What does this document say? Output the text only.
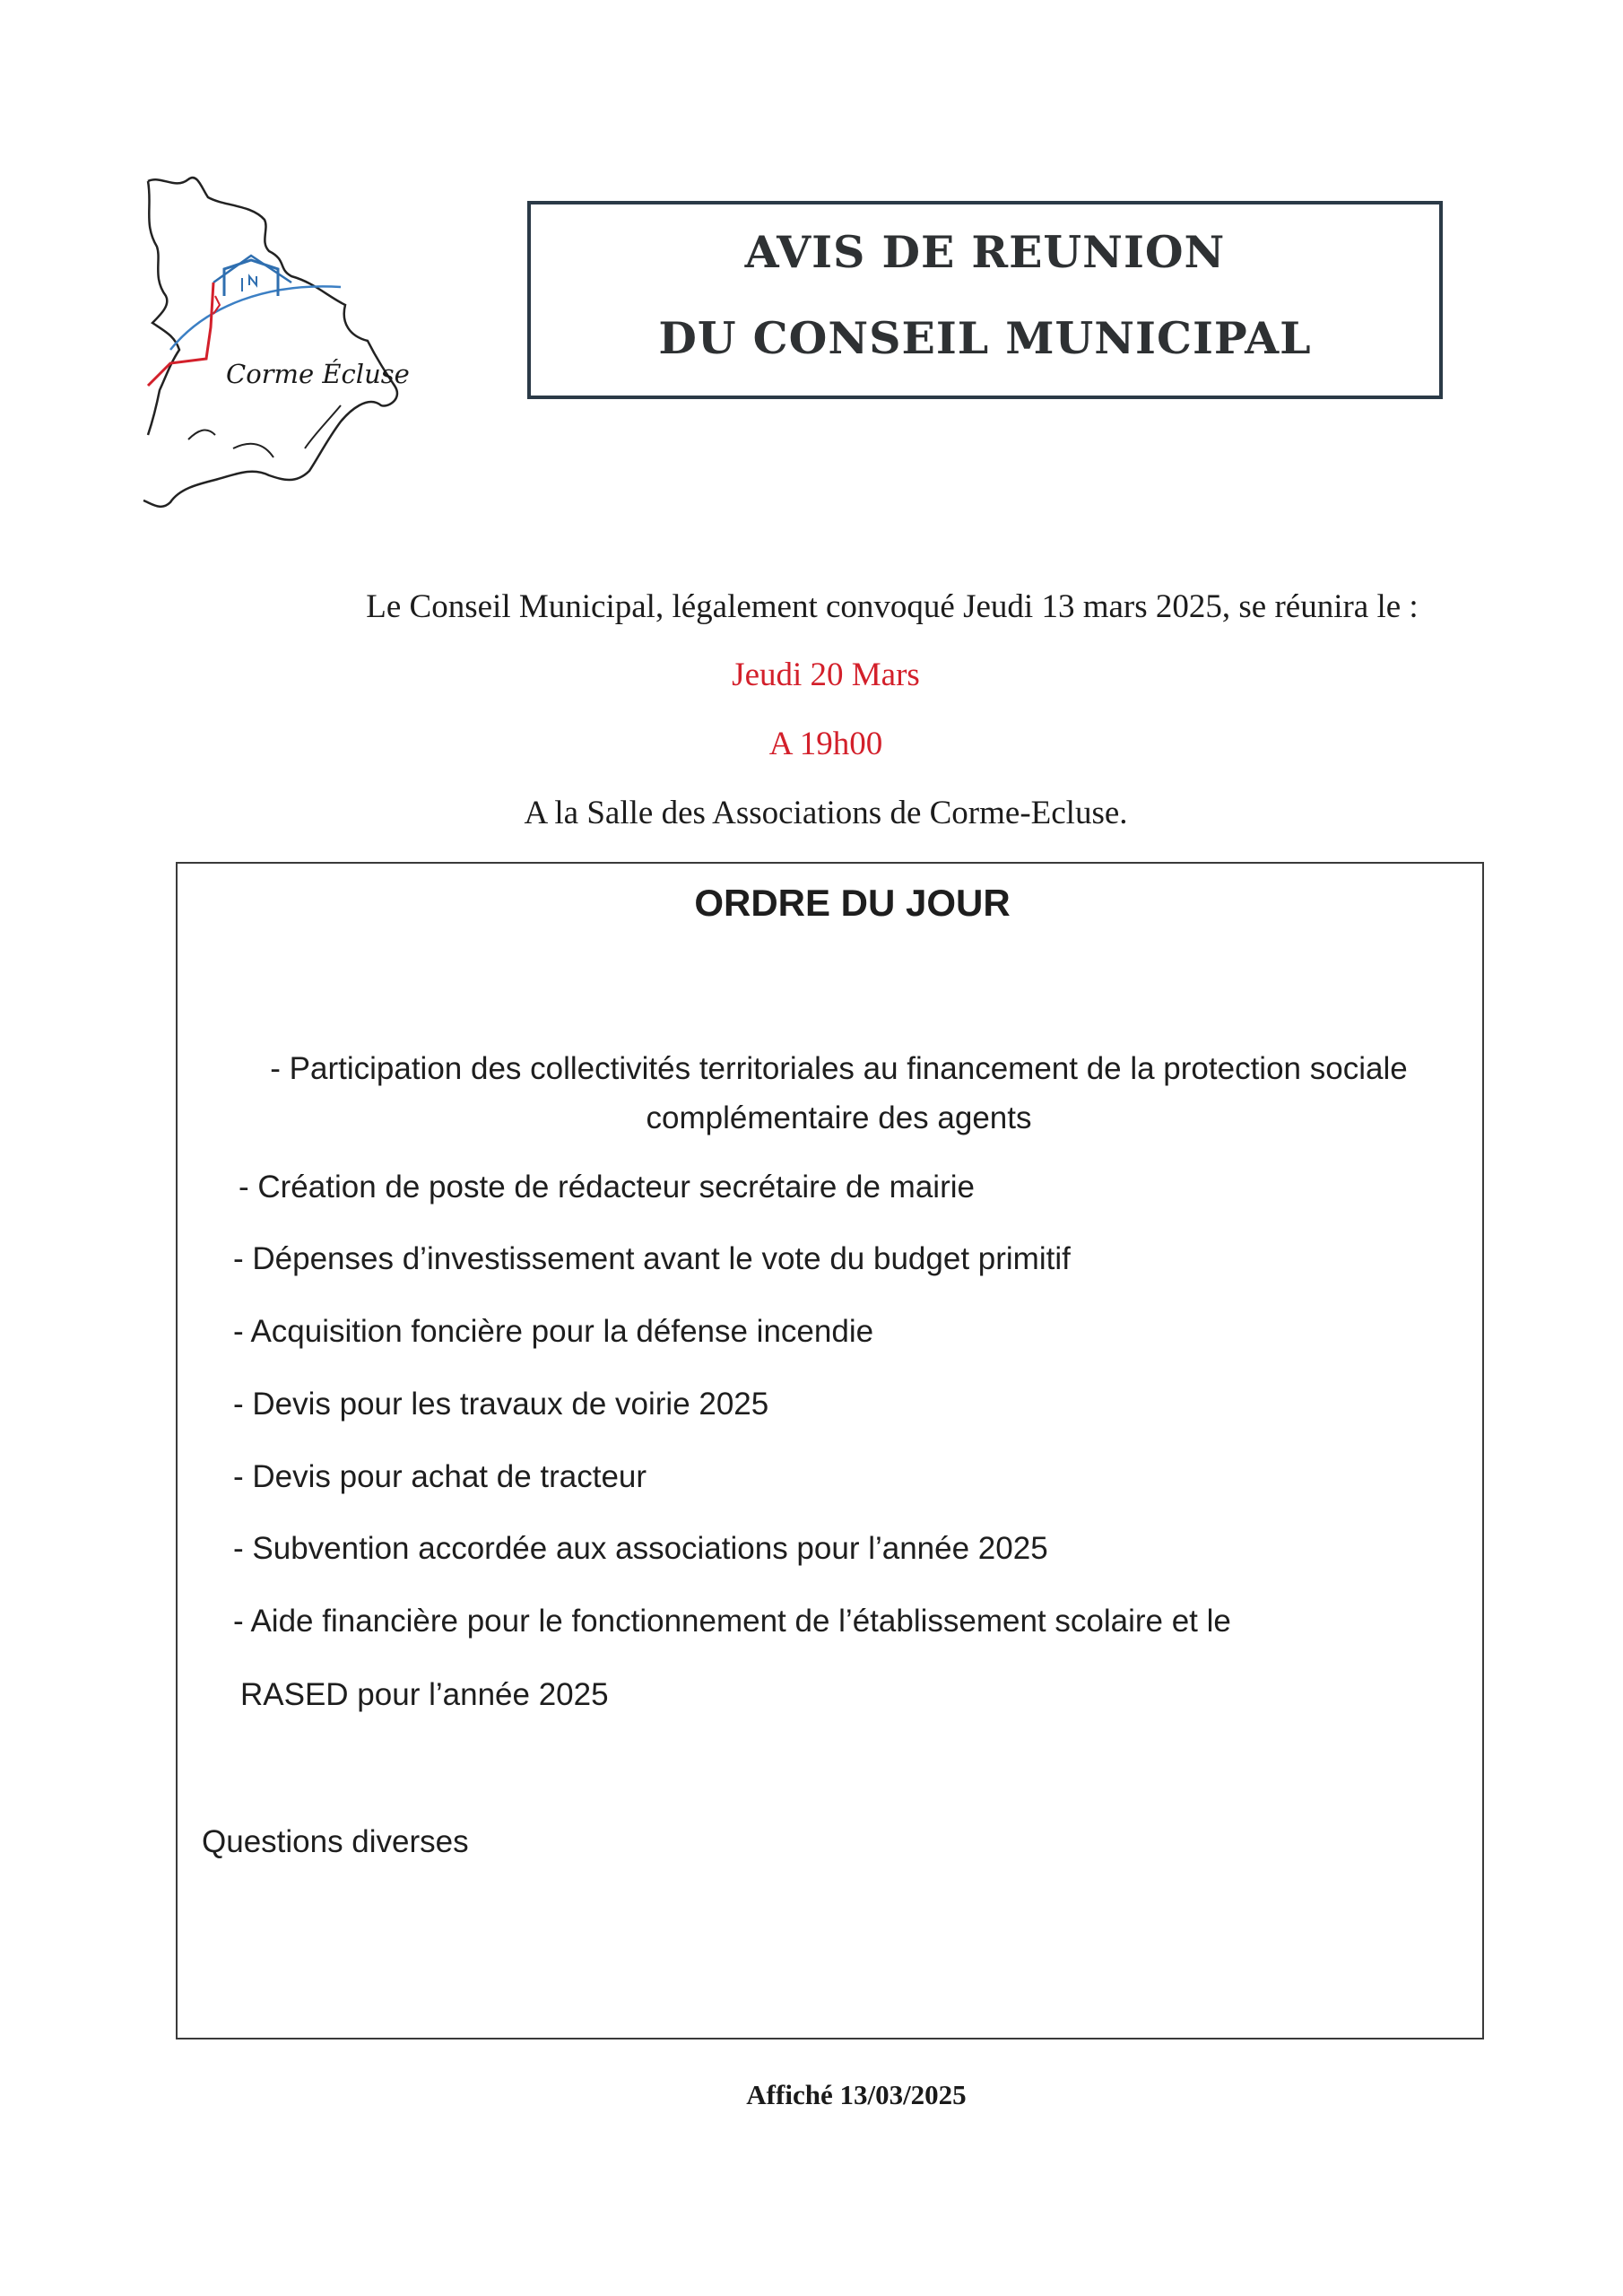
Corme Écluse
AVIS DE REUNION
DU CONSEIL MUNICIPAL
Le Conseil Municipal, légalement convoqué Jeudi 13 mars 2025, se réunira le :
Jeudi 20 Mars
A 19h00
A la Salle des Associations de Corme-Ecluse.
ORDRE DU JOUR
- Participation des collectivités territoriales au financement de la protection sociale complémentaire des agents
- Création de poste de rédacteur secrétaire de mairie
- Dépenses d’investissement avant le vote du budget primitif
- Acquisition foncière pour la défense incendie
- Devis pour les travaux de voirie 2025
- Devis pour achat de tracteur
- Subvention accordée aux associations pour l’année 2025
- Aide financière pour le fonctionnement de l’établissement scolaire et le
RASED pour l’année 2025
Questions diverses
Affiché 13/03/2025
